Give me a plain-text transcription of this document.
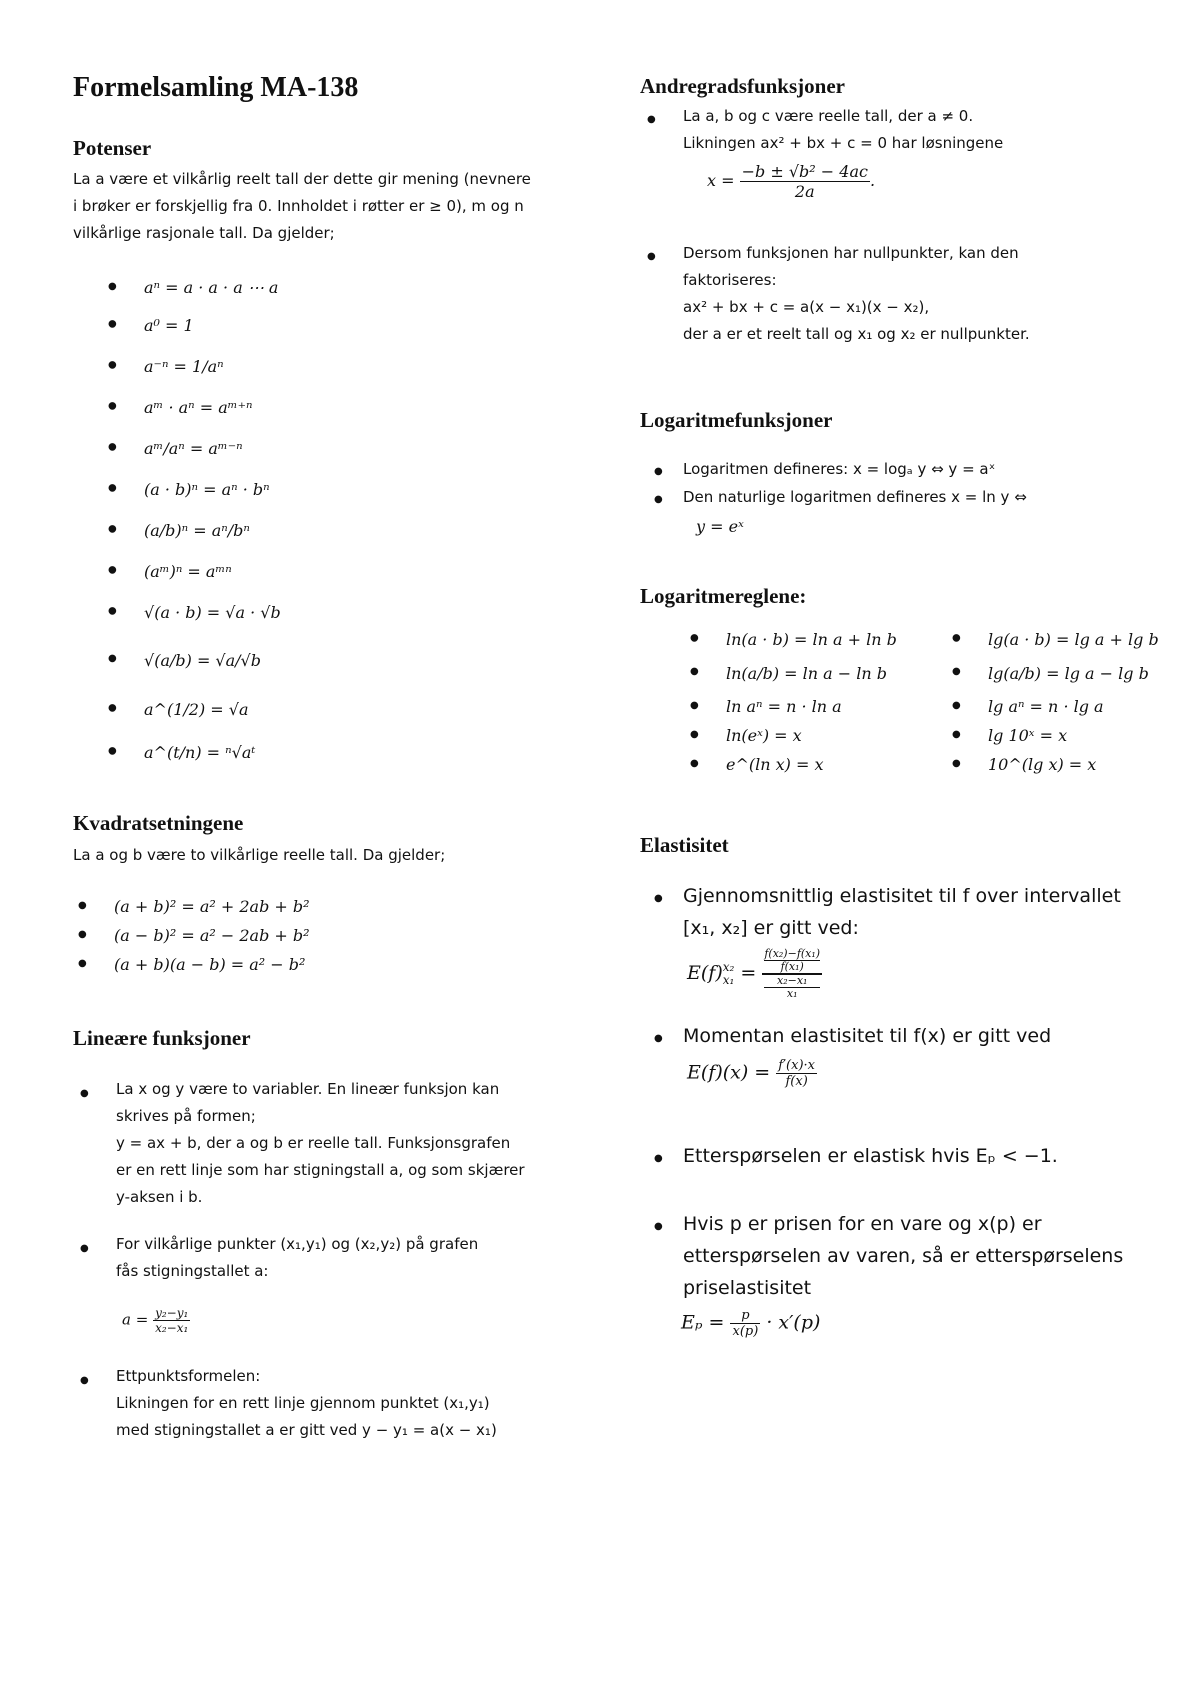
Formelsamling MA-138
Potenser
La a være et vilkårlig reelt tall der dette gir mening (nevnere
i brøker er forskjellig fra 0. Innholdet i røtter er ≥ 0), m og n
vilkårlige rasjonale tall. Da gjelder;
● aⁿ = a · a · a ⋯ a
● a⁰ = 1
● a⁻ⁿ = 1/aⁿ
● aᵐ · aⁿ = aᵐ⁺ⁿ
● aᵐ/aⁿ = aᵐ⁻ⁿ
● (a · b)ⁿ = aⁿ · bⁿ
● (a/b)ⁿ = aⁿ/bⁿ
● (aᵐ)ⁿ = aᵐⁿ
● √(a · b) = √a · √b
● √(a/b) = √a/√b
● a^(1/2) = √a
● a^(t/n) = ⁿ√aᵗ
Kvadratsetningene
La a og b være to vilkårlige reelle tall. Da gjelder;
● (a + b)² = a² + 2ab + b²
● (a − b)² = a² − 2ab + b²
● (a + b)(a − b) = a² − b²
Lineære funksjoner
● La x og y være to variabler. En lineær funksjon kan
skrives på formen;
y = ax + b, der a og b er reelle tall. Funksjonsgrafen
er en rett linje som har stigningstall a, og som skjærer
y-aksen i b.
● For vilkårlige punkter (x₁,y₁) og (x₂,y₂) på grafen
fås stigningstallet a:
$a = \frac{\text{y₂−y₁}}{\text{x₂−x₁}}$
● Ettpunktsformelen:
Likningen for en rett linje gjennom punktet (x₁,y₁)
med stigningstallet a er gitt ved y − y₁ = a(x − x₁)
Andregradsfunksjoner
● La a, b og c være reelle tall, der a ≠ 0.
Likningen ax² + bx + c = 0 har løsningene
$x = \frac{\text{−b ± √b² − 4ac}}{2a}$ .
● Dersom funksjonen har nullpunkter, kan den
faktoriseres:
ax² + bx + c = a(x − x₁)(x − x₂),
der a er et reelt tall og x₁ og x₂ er nullpunkter.
Logaritmefunksjoner
● Logaritmen defineres: x = logₐ y ⇔ y = aˣ
● Den naturlige logaritmen defineres x = ln y ⇔
y = eˣ
Logaritmereglene:
● ln(a · b) = ln a + ln b
● ln(a/b) = ln a − ln b
● ln aⁿ = n · ln a
● ln(eˣ) = x
● e^(ln x) = x
● lg(a · b) = lg a + lg b
● lg(a/b) = lg a − lg b
● lg aⁿ = n · lg a
● lg 10ˣ = x
● 10^(lg x) = x
Elastisitet
● Gjennomsnittlig elastisitet til f over intervallet
[x₁, x₂] er gitt ved:
E(f) x₂
x₁ = f(x₂)−f(x₁)
f(x₁)
x₂−x₁
x₁
● Momentan elastisitet til f(x) er gitt ved
$E(f)(x) = \frac{f'(x)\cdot x}{f(x)}$
● Etterspørselen er elastisk hvis Eₚ < −1.
● Hvis p er prisen for en vare og x(p) er
etterspørselen av varen, så er etterspørselens
priselastisitet
$E_p = \frac{p}{x(p)} \cdot x'(p)$
